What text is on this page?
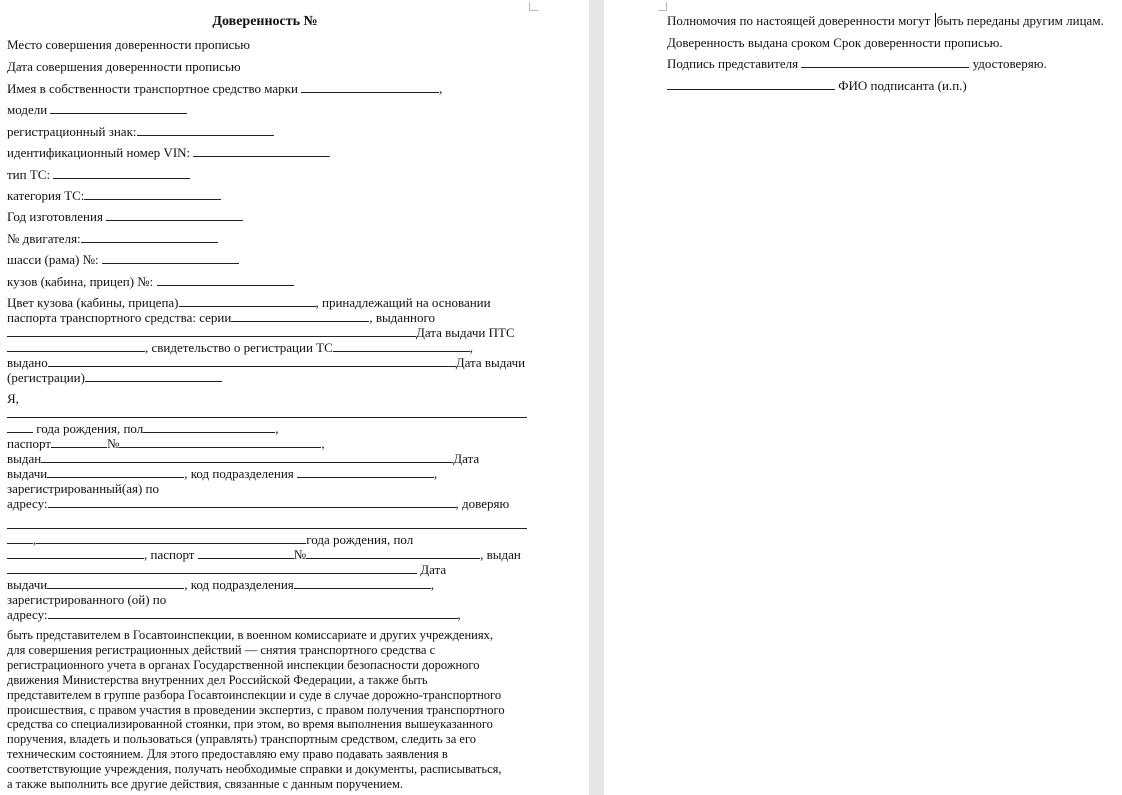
Доверенность №
Место совершения доверенности прописью
Дата совершения доверенности прописью
Имея в собственности транспортное средство марки	,
модели
регистрационный знак:
идентификационный номер VIN:
тип ТС:
категория ТС:
Год изготовления
№ двигателя:
шасси (рама) №:
кузов (кабина, прицеп) №:
Цвет кузова (кабины, прицепа)	, принадлежащий на основании
паспорта транспортного средства: серии	, выданного
Дата выдачи ПТС
, свидетельство о регистрации ТС	,
выдано	Дата выдачи
(регистрации)
Я,
года рождения, пол	,
паспорт	№	,
выдан	Дата
выдачи	, код подразделения	,
зарегистрированный(ая) по
адресу:	, доверяю
,	года рождения, пол
, паспорт	№	, выдан
Дата
выдачи	, код подразделения	,
зарегистрированного (ой) по
адресу:	,
быть представителем в Госавтоинспекции, в военном комиссариате и других учреждениях,
для совершения регистрационных действий — снятия транспортного средства с
регистрационного учета в органах Государственной инспекции безопасности дорожного
движения Министерства внутренних дел Российской Федерации, а также быть
представителем в группе разбора Госавтоинспекции и суде в случае дорожно-транспортного
происшествия, с правом участия в проведении экспертиз, с правом получения транспортного
средства со специализированной стоянки, при этом, во время выполнения вышеуказанного
поручения, владеть и пользоваться (управлять) транспортным средством, следить за его
техническим состоянием. Для этого предоставляю ему право подавать заявления в
соответствующие учреждения, получать необходимые справки и документы, расписываться,
а также выполнить все другие действия, связанные с данным поручением.
Полномочия по настоящей доверенности могут быть переданы другим лицам.
Доверенность выдана сроком Срок доверенности прописью.
Подпись представителя	удостоверяю.
ФИО подписанта (и.п.)
